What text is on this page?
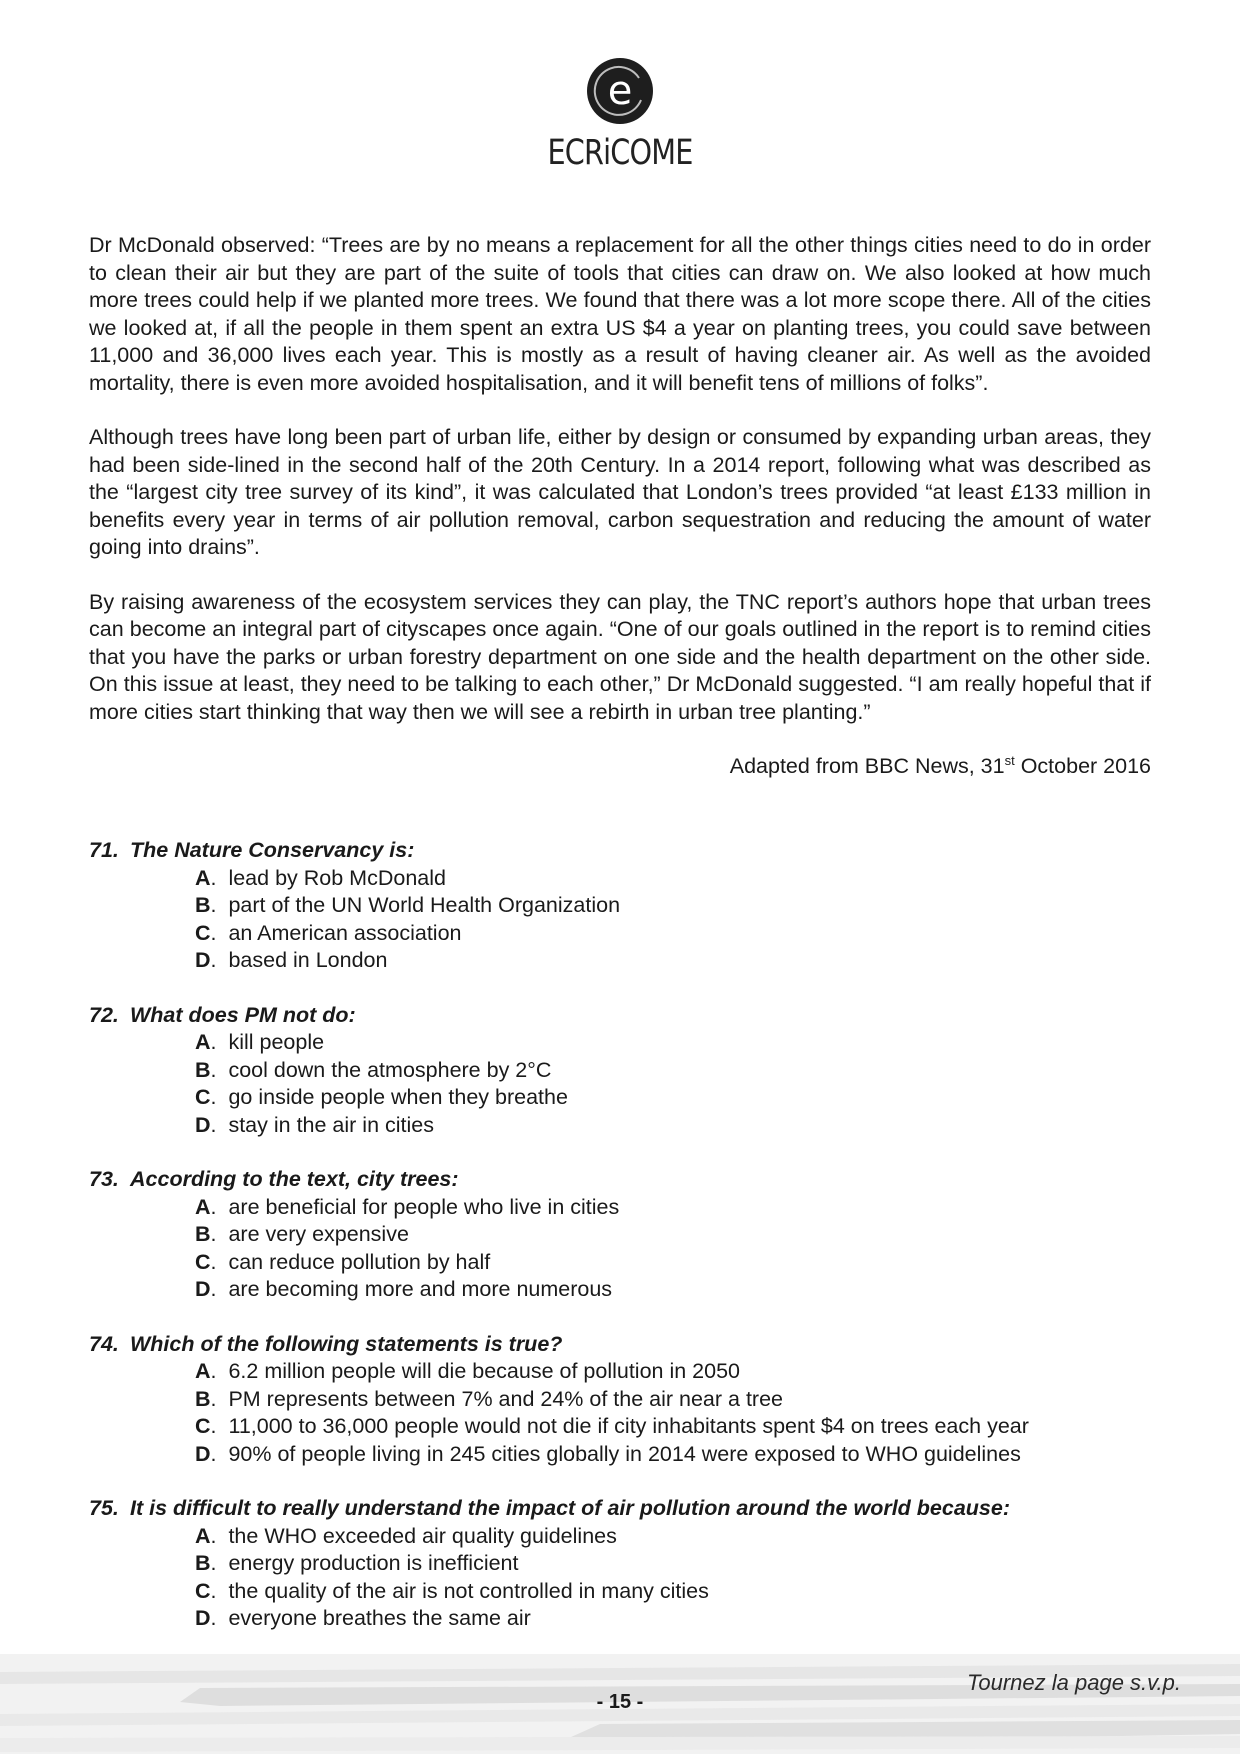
e
ECRiCOME

Dr McDonald observed: “Trees are by no means a replacement for all the other things cities need to do in order to clean their air but they are part of the suite of tools that cities can draw on. We also looked at how much more trees could help if we planted more trees. We found that there was a lot more scope there. All of the cities we looked at, if all the people in them spent an extra US $4 a year on planting trees, you could save between 11,000 and 36,000 lives each year. This is mostly as a result of having cleaner air. As well as the avoided mortality, there is even more avoided hospitalisation, and it will benefit tens of millions of folks”.

Although trees have long been part of urban life, either by design or consumed by expanding urban areas, they had been side-lined in the second half of the 20th Century. In a 2014 report, following what was described as the “largest city tree survey of its kind”, it was calculated that London’s trees provided “at least £133 million in benefits every year in terms of air pollution removal, carbon sequestration and reducing the amount of water going into drains”.

By raising awareness of the ecosystem services they can play, the TNC report’s authors hope that urban trees can become an integral part of cityscapes once again. “One of our goals outlined in the report is to remind cities that you have the parks or urban forestry department on one side and the health department on the other side. On this issue at least, they need to be talking to each other,” Dr McDonald suggested. “I am really hopeful that if more cities start thinking that way then we will see a rebirth in urban tree planting.”

Adapted from BBC News, 31st October 2016
71. The Nature Conservancy is:
A.  lead by Rob McDonald
B.  part of the UN World Health Organization
C.  an American association
D.  based in London
72. What does PM not do:
A.  kill people
B.  cool down the atmosphere by 2°C
C.  go inside people when they breathe
D.  stay in the air in cities
73. According to the text, city trees:
A.  are beneficial for people who live in cities
B.  are very expensive
C.  can reduce pollution by half
D.  are becoming more and more numerous
74. Which of the following statements is true?
A.  6.2 million people will die because of pollution in 2050
B.  PM represents between 7% and 24% of the air near a tree
C.  11,000 to 36,000 people would not die if city inhabitants spent $4 on trees each year
D.  90% of people living in 245 cities globally in 2014 were exposed to WHO guidelines
75. It is difficult to really understand the impact of air pollution around the world because:
A.  the WHO exceeded air quality guidelines
B.  energy production is inefficient
C.  the quality of the air is not controlled in many cities
D.  everyone breathes the same air
Tournez la page s.v.p.
- 15 -
